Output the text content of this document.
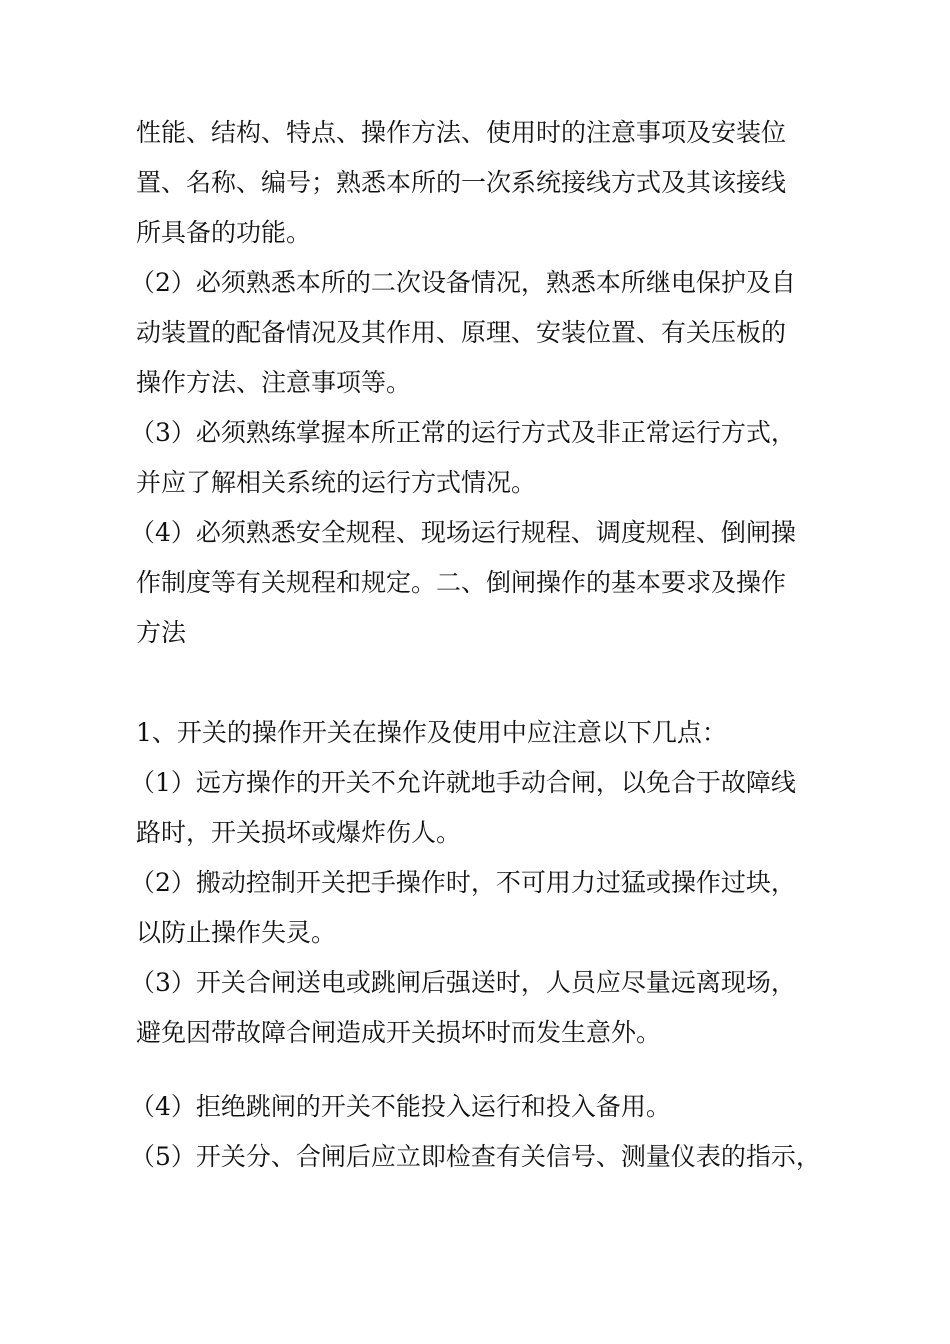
性能、结构、特点、操作方法、使用时的注意事项及安装位
置、名称、编号；熟悉本所的一次系统接线方式及其该接线
所具备的功能。
（2）必须熟悉本所的二次设备情况，熟悉本所继电保护及自
动装置的配备情况及其作用、原理、安装位置、有关压板的
操作方法、注意事项等。
（3）必须熟练掌握本所正常的运行方式及非正常运行方式，
并应了解相关系统的运行方式情况。
（4）必须熟悉安全规程、现场运行规程、调度规程、倒闸操
作制度等有关规程和规定。二、倒闸操作的基本要求及操作
方法
1、开关的操作开关在操作及使用中应注意以下几点：
（1）远方操作的开关不允许就地手动合闸，以免合于故障线
路时，开关损坏或爆炸伤人。
（2）搬动控制开关把手操作时，不可用力过猛或操作过块，
以防止操作失灵。
（3）开关合闸送电或跳闸后强送时，人员应尽量远离现场，
避免因带故障合闸造成开关损坏时而发生意外。
（4）拒绝跳闸的开关不能投入运行和投入备用。
（5）开关分、合闸后应立即检查有关信号、测量仪表的指示，
